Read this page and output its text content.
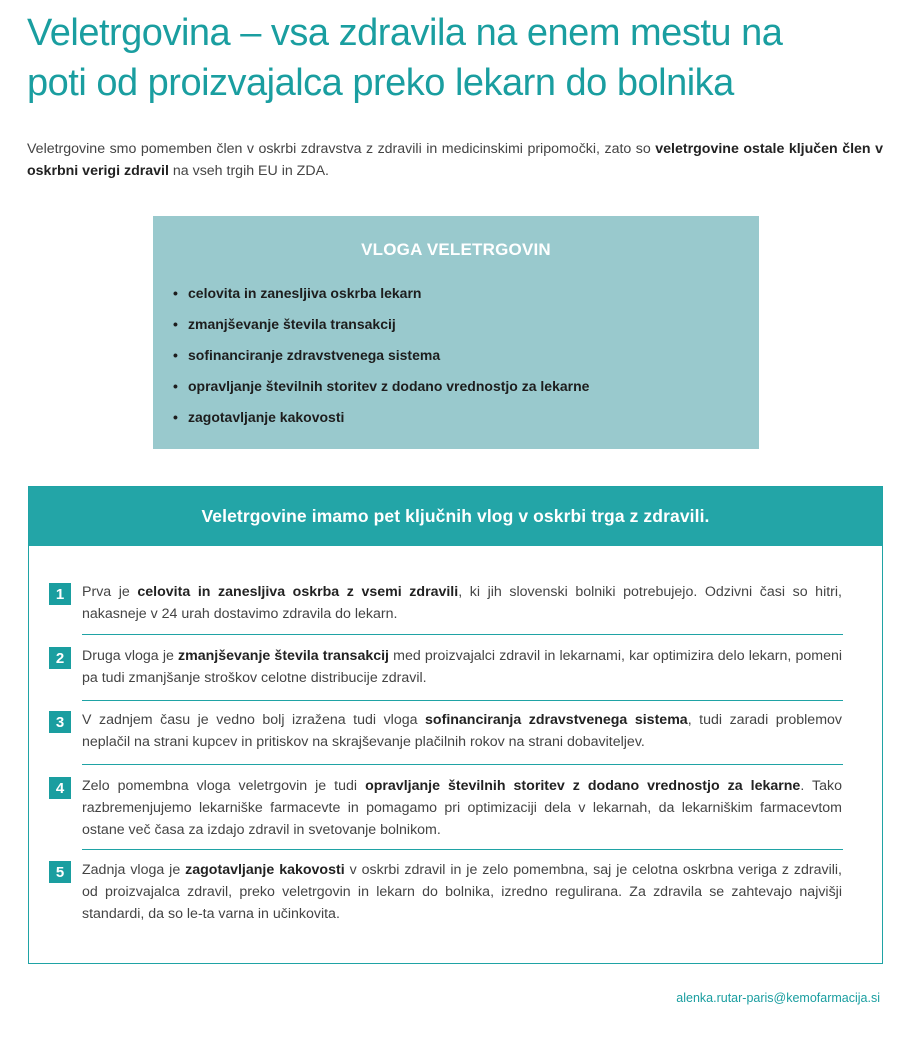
Veletrgovina – vsa zdravila na enem mestu na
poti od proizvajalca preko lekarn do bolnika

Veletrgovine smo pomemben člen v oskrbi zdravstva z zdravili in medicinskimi pripomočki, zato so veletrgovine ostale ključen člen v oskrbni verigi zdravil na vseh trgih EU in ZDA.

VLOGA VELETRGOVIN
• celovita in zanesljiva oskrba lekarn
• zmanjševanje števila transakcij
• sofinanciranje zdravstvenega sistema
• opravljanje številnih storitev z dodano vrednostjo za lekarne
• zagotavljanje kakovosti
Veletrgovine imamo pet ključnih vlog v oskrbi trga z zdravili.
1	Prva je celovita in zanesljiva oskrba z vsemi zdravili, ki jih slovenski bolniki potrebujejo. Odzivni časi so hitri, nakasneje v 24 urah dostavimo zdravila do lekarn.
2	Druga vloga je zmanjševanje števila transakcij med proizvajalci zdravil in lekarnami, kar optimizira delo lekarn, pomeni pa tudi zmanjšanje stroškov celotne distribucije zdravil.
3	V zadnjem času je vedno bolj izražena tudi vloga sofinanciranja zdravstvenega sistema, tudi zaradi problemov neplačil na strani kupcev in pritiskov na skrajševanje plačilnih rokov na strani dobaviteljev.
4	Zelo pomembna vloga veletrgovin je tudi opravljanje številnih storitev z dodano vrednostjo za lekarne. Tako razbremenjujemo lekarniške farmacevte in pomagamo pri optimizaciji dela v lekarnah, da lekarniškim farmacevtom ostane več časa za izdajo zdravil in svetovanje bolnikom.
5	Zadnja vloga je zagotavljanje kakovosti v oskrbi zdravil in je zelo pomembna, saj je celotna oskrbna veriga z zdravili, od proizvajalca zdravil, preko veletrgovin in lekarn do bolnika, izredno regulirana. Za zdravila se zahtevajo najvišji standardi, da so le-ta varna in učinkovita.
alenka.rutar-paris@kemofarmacija.si
